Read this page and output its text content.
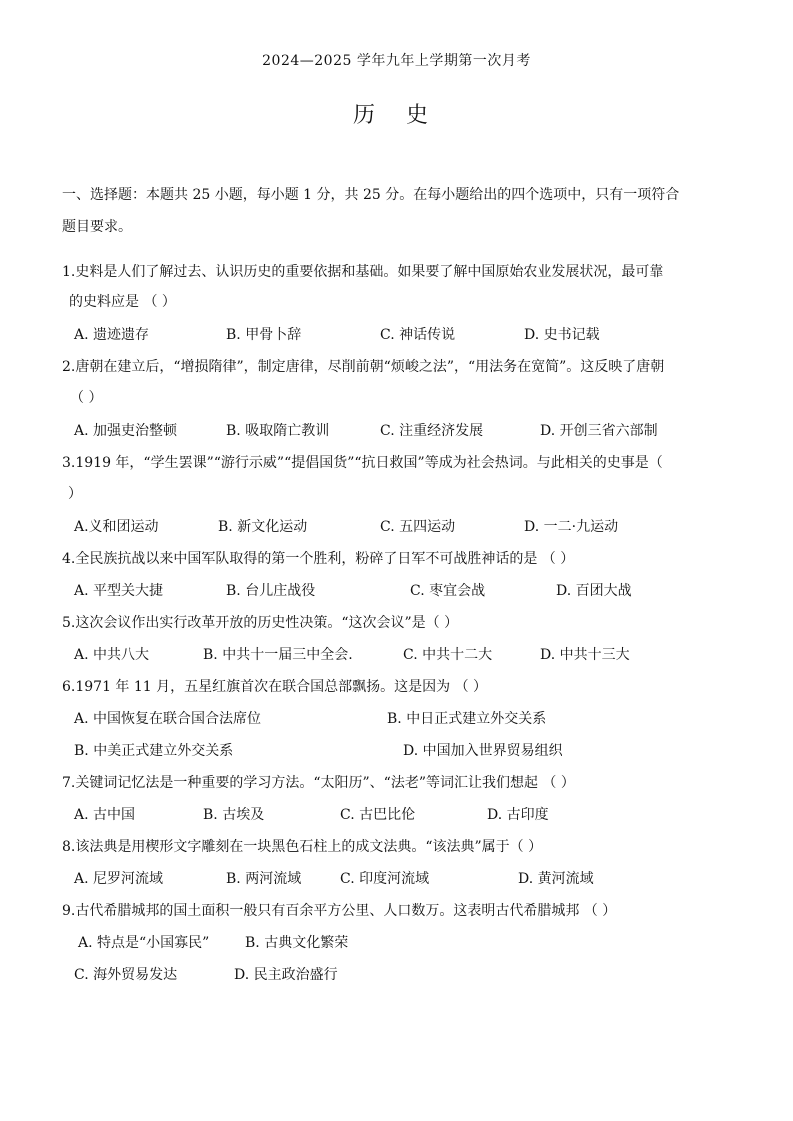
2024—2025 学年九年上学期第一次月考
历 史
一、选择题：本题共 25 小题，每小题 1 分，共 25 分。在每小题给出的四个选项中，只有一项符合
题目要求。
1.史料是人们了解过去、认识历史的重要依据和基础。如果要了解中国原始农业发展状况，最可靠
的史料应是 （ ）
A. 遗迹遗存	B. 甲骨卜辞	C. 神话传说	D. 史书记载
2.唐朝在建立后，“增损隋律”，制定唐律，尽削前朝“烦峻之法”，“用法务在宽简”。这反映了唐朝
（ ）
A. 加强吏治整顿	B. 吸取隋亡教训	C. 注重经济发展	D. 开创三省六部制
3.1919 年，“学生罢课”“游行示威”“提倡国货”“抗日救国”等成为社会热词。与此相关的史事是（
）
A.义和团运动	B. 新文化运动	C. 五四运动	D. 一二·九运动
4.全民族抗战以来中国军队取得的第一个胜利，粉碎了日军不可战胜神话的是 （ ）
A. 平型关大捷	B. 台儿庄战役	C. 枣宜会战	D. 百团大战
5.这次会议作出实行改革开放的历史性决策。“这次会议”是（ ）
A. 中共八大	B. 中共十一届三中全会.	C. 中共十二大	D. 中共十三大
6.1971 年 11 月，五星红旗首次在联合国总部飘扬。这是因为 （ ）
A. 中国恢复在联合国合法席位	B. 中日正式建立外交关系
B. 中美正式建立外交关系	D. 中国加入世界贸易组织
7.关键词记忆法是一种重要的学习方法。“太阳历”、“法老”等词汇让我们想起 （ ）
A. 古中国	B. 古埃及	C. 古巴比伦	D. 古印度
8.该法典是用楔形文字雕刻在一块黑色石柱上的成文法典。“该法典”属于（ ）
A. 尼罗河流域	B. 两河流域	C. 印度河流域	D. 黄河流域
9.古代希腊城邦的国土面积一般只有百余平方公里、人口数万。这表明古代希腊城邦 （ ）
A. 特点是“小国寡民”	B. 古典文化繁荣
C. 海外贸易发达	D. 民主政治盛行
